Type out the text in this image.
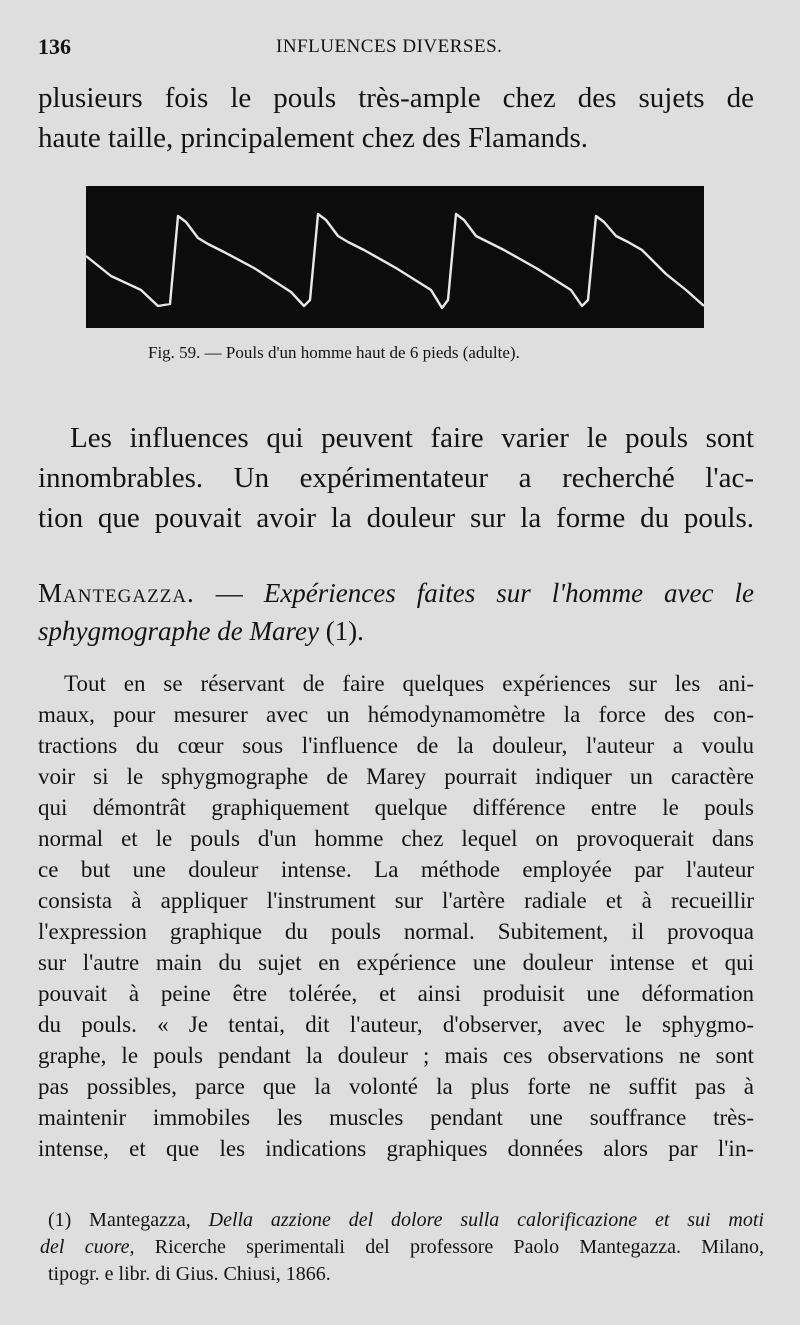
136	INFLUENCES DIVERSES.
plusieurs fois le pouls très-ample chez des sujets de
haute taille, principalement chez des Flamands.
Fig. 59. — Pouls d'un homme haut de 6 pieds (adulte).
Les influences qui peuvent faire varier le pouls sont
innombrables. Un expérimentateur a recherché l'ac-
tion que pouvait avoir la douleur sur la forme du pouls.
Mantegazza. — Expériences faites sur l'homme avec le
sphygmographe de Marey (1).
Tout en se réservant de faire quelques expériences sur les ani-
maux, pour mesurer avec un hémodynamomètre la force des con-
tractions du cœur sous l'influence de la douleur, l'auteur a voulu
voir si le sphygmographe de Marey pourrait indiquer un caractère
qui démontrât graphiquement quelque différence entre le pouls
normal et le pouls d'un homme chez lequel on provoquerait dans
ce but une douleur intense. La méthode employée par l'auteur
consista à appliquer l'instrument sur l'artère radiale et à recueillir
l'expression graphique du pouls normal. Subitement, il provoqua
sur l'autre main du sujet en expérience une douleur intense et qui
pouvait à peine être tolérée, et ainsi produisit une déformation
du pouls. « Je tentai, dit l'auteur, d'observer, avec le sphygmo-
graphe, le pouls pendant la douleur ; mais ces observations ne sont
pas possibles, parce que la volonté la plus forte ne suffit pas à
maintenir immobiles les muscles pendant une souffrance très-
intense, et que les indications graphiques données alors par l'in-
(1) Mantegazza, Della azzione del dolore sulla calorificazione et sui moti
del cuore, Ricerche sperimentali del professore Paolo Mantegazza. Milano,
tipogr. e libr. di Gius. Chiusi, 1866.
